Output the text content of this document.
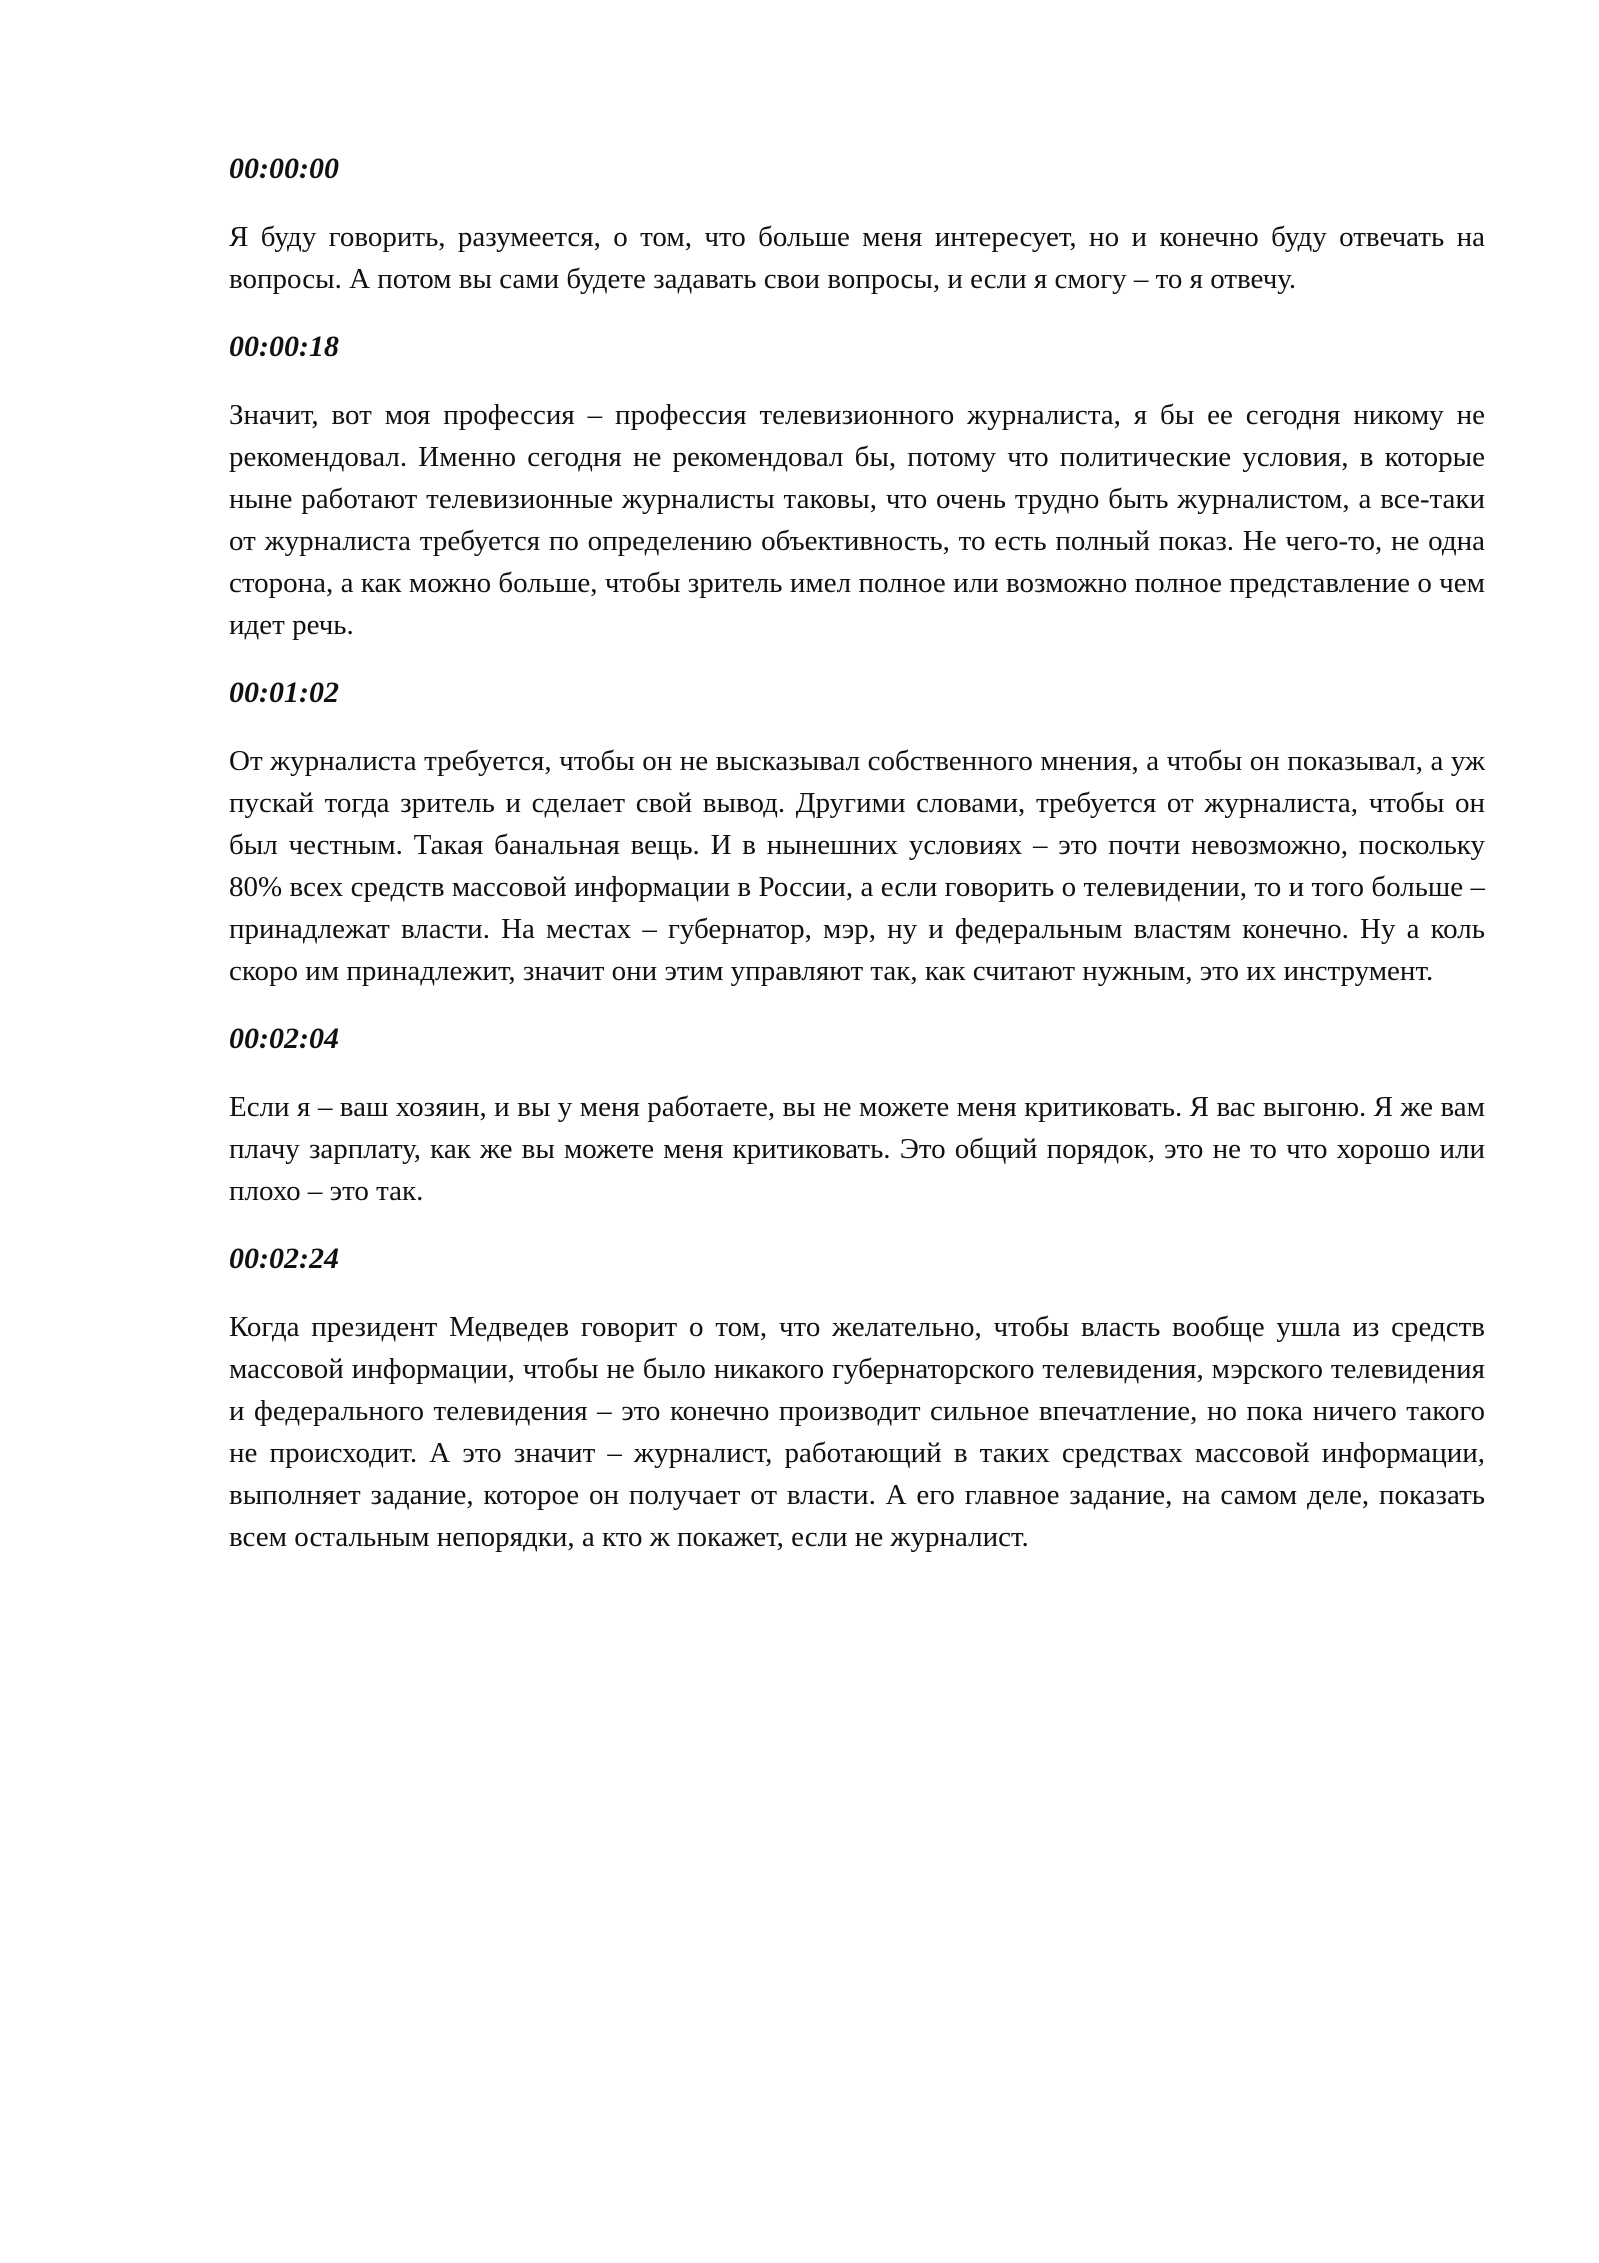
00:00:00

Я буду говорить, разумеется, о том, что больше меня интересует, но и конечно буду отвечать на вопросы. А потом вы сами будете задавать свои вопросы, и если я смогу – то я отвечу.

00:00:18

Значит, вот моя профессия – профессия телевизионного журналиста, я бы ее сегодня никому не рекомендовал. Именно сегодня не рекомендовал бы, потому что политические условия, в которые ныне работают телевизионные журналисты таковы, что очень трудно быть журналистом, а все-таки от журналиста требуется по определению объективность, то есть полный показ. Не чего-то, не одна сторона, а как можно больше, чтобы зритель имел полное или возможно полное представление о чем идет речь.

00:01:02

От журналиста требуется, чтобы он не высказывал собственного мнения, а чтобы он показывал, а уж пускай тогда зритель и сделает свой вывод. Другими словами, требуется от журналиста, чтобы он был честным. Такая банальная вещь. И в нынешних условиях – это почти невозможно, поскольку 80% всех средств массовой информации в России, а если говорить о телевидении, то и того больше – принадлежат власти. На местах – губернатор, мэр, ну и федеральным властям конечно. Ну а коль скоро им принадлежит, значит они этим управляют так, как считают нужным, это их инструмент.

00:02:04

Если я – ваш хозяин, и вы у меня работаете, вы не можете меня критиковать. Я вас выгоню. Я же вам плачу зарплату, как же вы можете меня критиковать. Это общий порядок, это не то что хорошо или плохо – это так.

00:02:24

Когда президент Медведев говорит о том, что желательно, чтобы власть вообще ушла из средств массовой информации, чтобы не было никакого губернаторского телевидения, мэрского телевидения и федерального телевидения – это конечно производит сильное впечатление, но пока ничего такого не происходит. А это значит – журналист, работающий в таких средствах массовой информации, выполняет задание, которое он получает от власти. А его главное задание, на самом деле, показать всем остальным непорядки, а кто ж покажет, если не журналист.
